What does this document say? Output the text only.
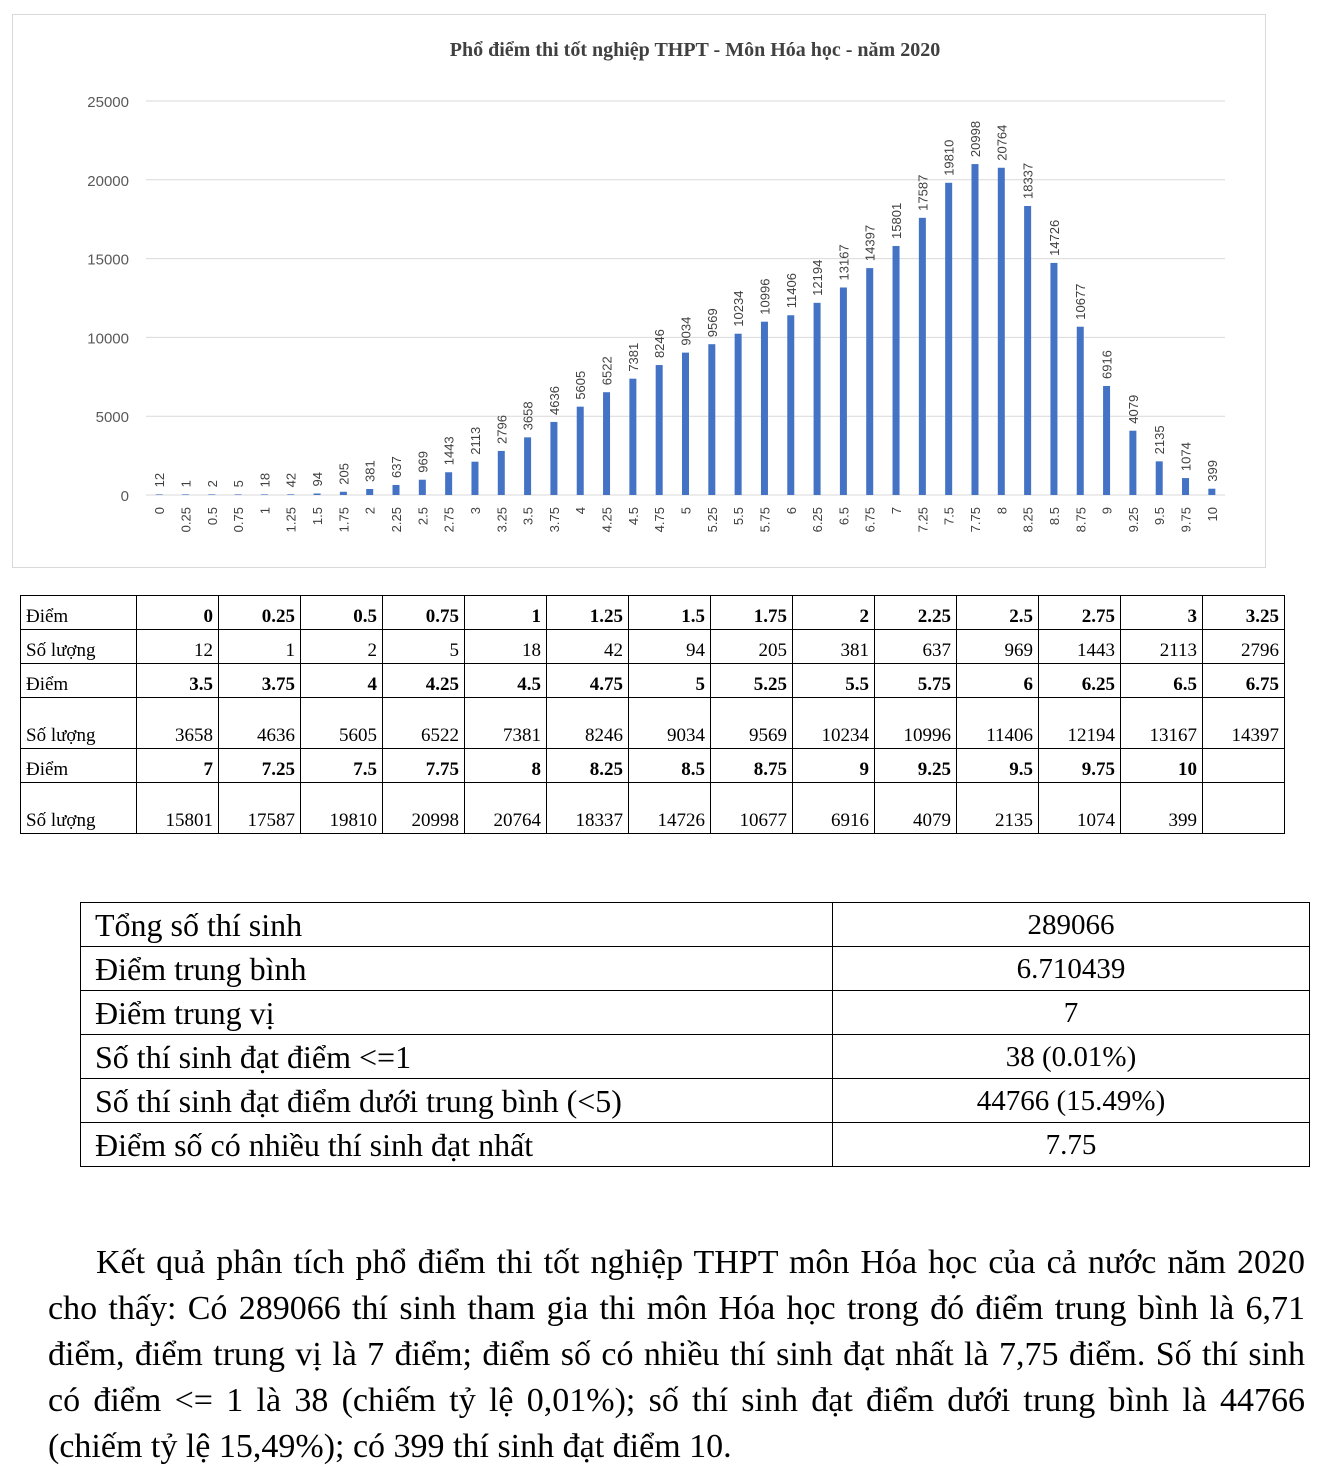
Phổ điểm thi tốt nghiệp THPT - Môn Hóa học - năm 2020
0
5000
10000
15000
20000
25000
12
0
1
0.25
2
0.5
5
0.75
18
1
42
1.25
94
1.5
205
1.75
381
2
637
2.25
969
2.5
1443
2.75
2113
3
2796
3.25
3658
3.5
4636
3.75
5605
4
6522
4.25
7381
4.5
8246
4.75
9034
5
9569
5.25
10234
5.5
10996
5.75
11406
6
12194
6.25
13167
6.5
14397
6.75
15801
7
17587
7.25
19810
7.5
20998
7.75
20764
8
18337
8.25
14726
8.5
10677
8.75
6916
9
4079
9.25
2135
9.5
1074
9.75
399
10
Điểm	0	0.25	0.5	0.75	1	1.25	1.5	1.75	2	2.25	2.5	2.75	3	3.25
Số lượng	12	1	2	5	18	42	94	205	381	637	969	1443	2113	2796
Điểm	3.5	3.75	4	4.25	4.5	4.75	5	5.25	5.5	5.75	6	6.25	6.5	6.75
Số lượng	3658	4636	5605	6522	7381	8246	9034	9569	10234	10996	11406	12194	13167	14397
Điểm	7	7.25	7.5	7.75	8	8.25	8.5	8.75	9	9.25	9.5	9.75	10	
Số lượng	15801	17587	19810	20998	20764	18337	14726	10677	6916	4079	2135	1074	399	
Tổng số thí sinh	289066
Điểm trung bình	6.710439
Điểm trung vị	7
Số thí sinh đạt điểm <=1	38 (0.01%)
Số thí sinh đạt điểm dưới trung bình (<5)	44766 (15.49%)
Điểm số có nhiều thí sinh đạt nhất	7.75

Kết quả phân tích phổ điểm thi tốt nghiệp THPT môn Hóa học của cả nước năm 2020 cho thấy: Có 289066 thí sinh tham gia thi môn Hóa học trong đó điểm trung bình là 6,71 điểm, điểm trung vị là 7 điểm; điểm số có nhiều thí sinh đạt nhất là 7,75 điểm. Số thí sinh có điểm <= 1 là 38 (chiếm tỷ lệ 0,01%); số thí sinh đạt điểm dưới trung bình là 44766 (chiếm tỷ lệ 15,49%); có 399 thí sinh đạt điểm 10.
